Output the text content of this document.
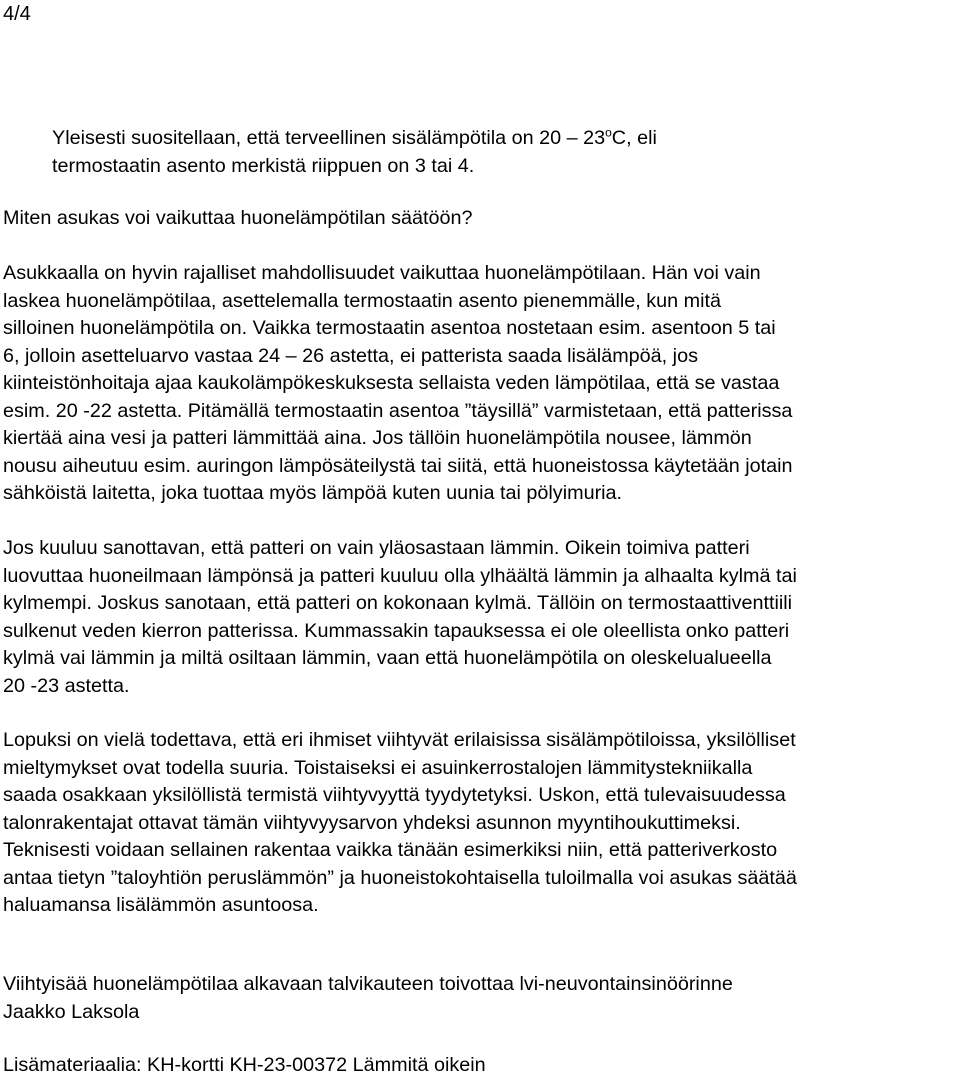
4/4

Yleisesti suositellaan, että terveellinen sisälämpötila on 20 – 23$^o$C, eli
termostaatin asento merkistä riippuen on 3 tai 4.

Miten asukas voi vaikuttaa huonelämpötilan säätöön?

Asukkaalla on hyvin rajalliset mahdollisuudet vaikuttaa huonelämpötilaan. Hän voi vain
laskea huonelämpötilaa, asettelemalla termostaatin asento pienemmälle, kun mitä
silloinen huonelämpötila on. Vaikka termostaatin asentoa nostetaan esim. asentoon 5 tai
6, jolloin asetteluarvo vastaa 24 – 26 astetta, ei patterista saada lisälämpöä, jos
kiinteistönhoitaja ajaa kaukolämpökeskuksesta sellaista veden lämpötilaa, että se vastaa
esim. 20 -22 astetta. Pitämällä termostaatin asentoa ”täysillä” varmistetaan, että patterissa
kiertää aina vesi ja patteri lämmittää aina. Jos tällöin huonelämpötila nousee, lämmön
nousu aiheutuu esim. auringon lämpösäteilystä tai siitä, että huoneistossa käytetään jotain
sähköistä laitetta, joka tuottaa myös lämpöä kuten uunia tai pölyimuria.

Jos kuuluu sanottavan, että patteri on vain yläosastaan lämmin. Oikein toimiva patteri
luovuttaa huoneilmaan lämpönsä ja patteri kuuluu olla ylhäältä lämmin ja alhaalta kylmä tai
kylmempi. Joskus sanotaan, että patteri on kokonaan kylmä. Tällöin on termostaattiventtiili
sulkenut veden kierron patterissa. Kummassakin tapauksessa ei ole oleellista onko patteri
kylmä vai lämmin ja miltä osiltaan lämmin, vaan että huonelämpötila on oleskelualueella
20 -23 astetta.

Lopuksi on vielä todettava, että eri ihmiset viihtyvät erilaisissa sisälämpötiloissa, yksilölliset
mieltymykset ovat todella suuria. Toistaiseksi ei asuinkerrostalojen lämmitystekniikalla
saada osakkaan yksilöllistä termistä viihtyvyyttä tyydytetyksi. Uskon, että tulevaisuudessa
talonrakentajat ottavat tämän viihtyvyysarvon yhdeksi asunnon myyntihoukuttimeksi.
Teknisesti voidaan sellainen rakentaa vaikka tänään esimerkiksi niin, että patteriverkosto
antaa tietyn ”taloyhtiön peruslämmön” ja huoneistokohtaisella tuloilmalla voi asukas säätää
haluamansa lisälämmön asuntoosa.

Viihtyisää huonelämpötilaa alkavaan talvikauteen toivottaa lvi-neuvontainsinöörinne
Jaakko Laksola

Lisämateriaalia: KH-kortti KH-23-00372 Lämmitä oikein
